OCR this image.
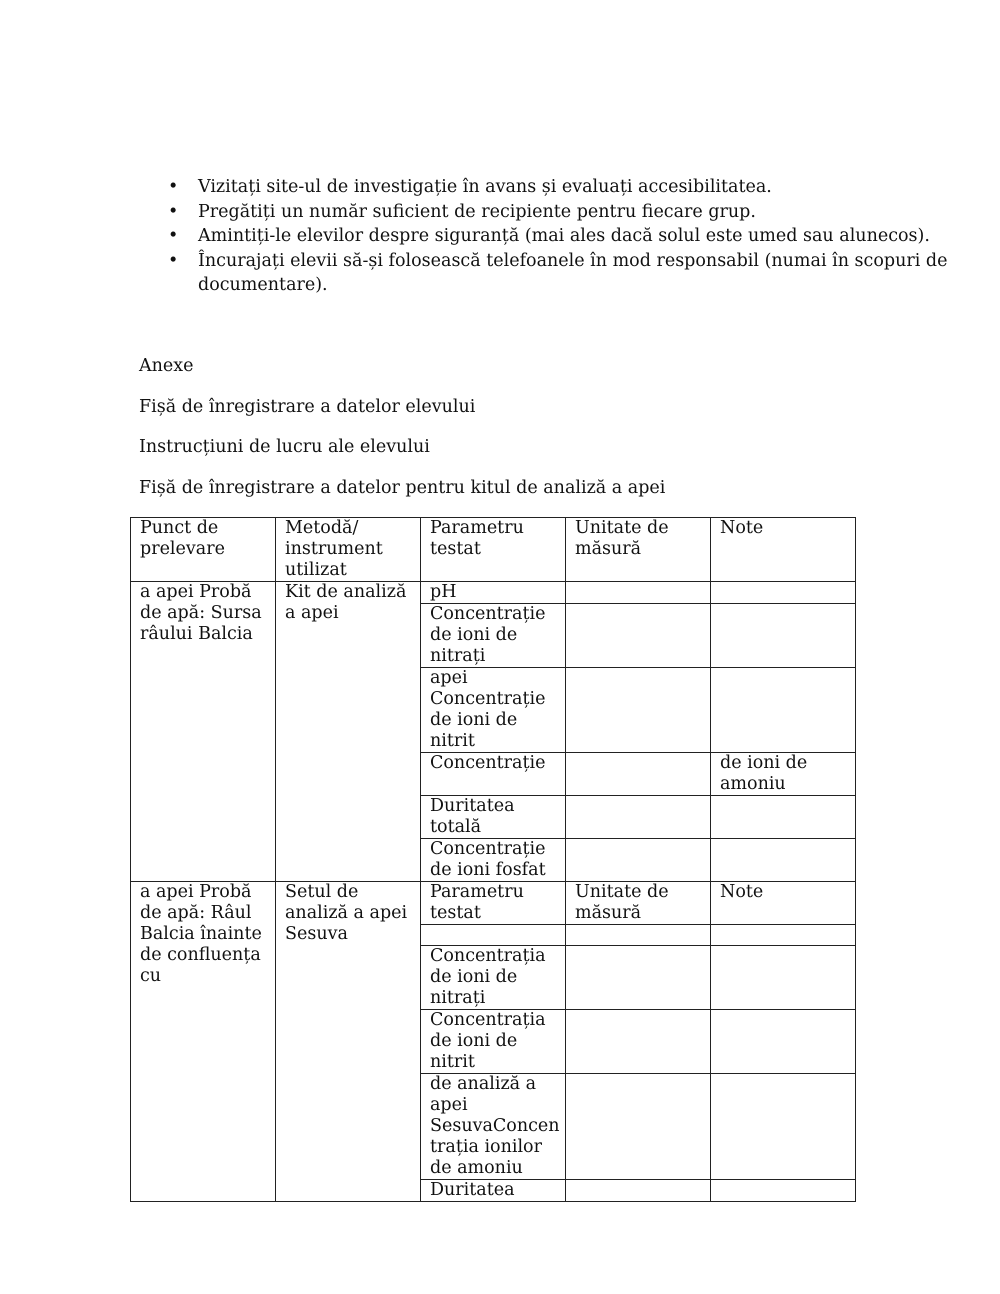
• Vizitați site-ul de investigație în avans și evaluați accesibilitatea.
• Pregătiți un număr suficient de recipiente pentru fiecare grup.
• Amintiți-le elevilor despre siguranță (mai ales dacă solul este umed sau alunecos).
• Încurajați elevii să-și folosească telefoanele în mod responsabil (numai în scopuri de documentare).

Anexe

Fișă de înregistrare a datelor elevului

Instrucțiuni de lucru ale elevului

Fișă de înregistrare a datelor pentru kitul de analiză a apei

Punct de prelevare	Metodă/ instrument utilizat	Parametru testat	Unitate de măsură	Note
a apei Probă de apă: Sursa râului Balcia	Kit de analiză a apei	pH		
		Concentrație de ioni de nitrați		
		apei Concentrație de ioni de nitrit		
		Concentrație		de ioni de amoniu
		Duritatea totală		
		Concentrație de ioni fosfat		
a apei Probă de apă: Râul Balcia înainte de confluența cu	Setul de analiză a apei Sesuva	Parametru testat	Unitate de măsură	Note

		Concentrația de ioni de nitrați		
		Concentrația de ioni de nitrit		
		de analiză a apei SesuvaConcentrația ionilor de amoniu		
		Duritatea		
